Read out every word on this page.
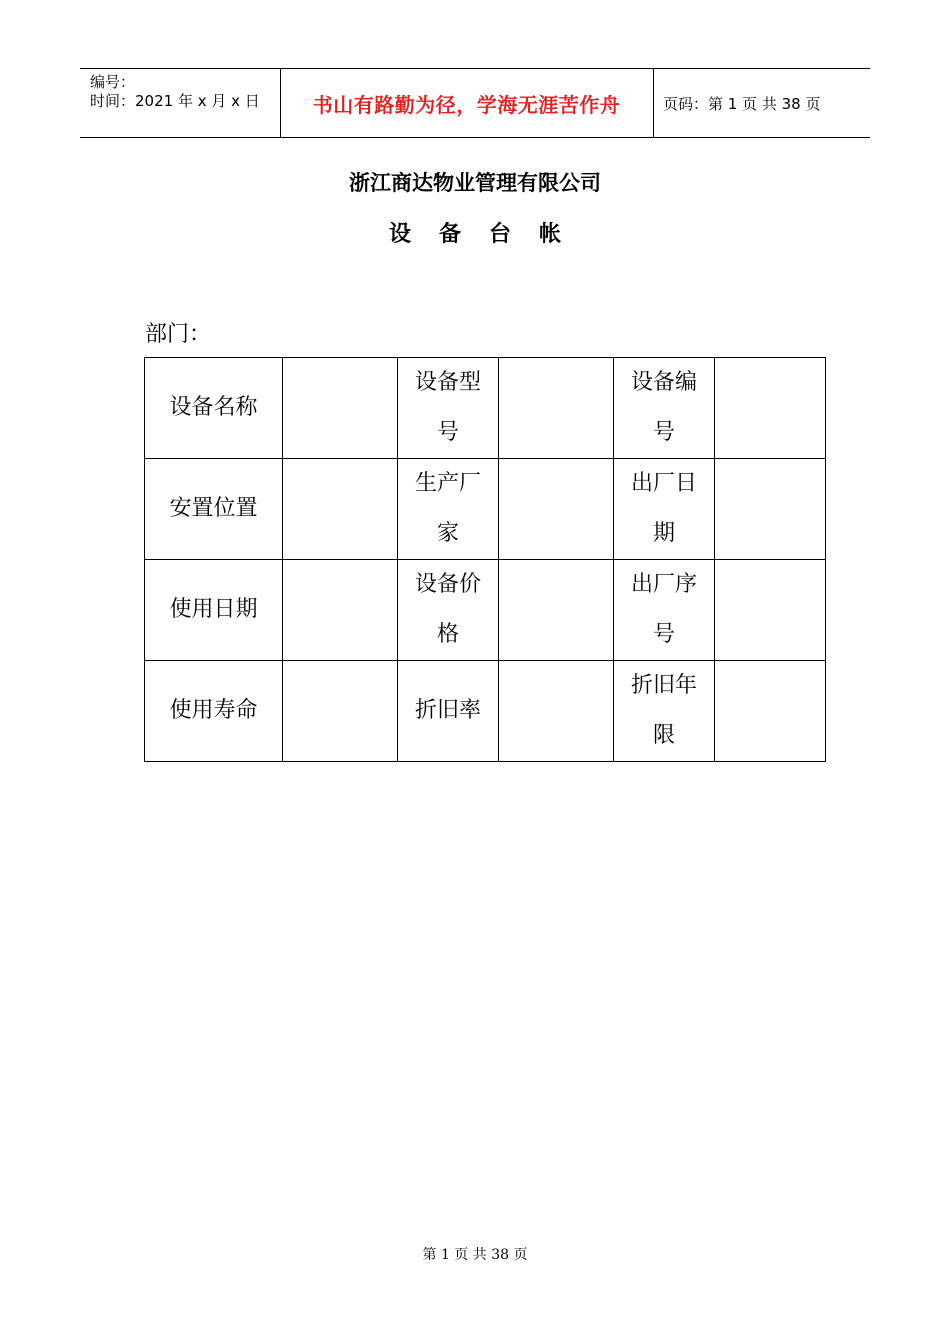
编号：
时间：2021 年 x 月 x 日	书山有路勤为径，学海无涯苦作舟	页码：第 1 页 共 38 页
浙江商达物业管理有限公司
设 备 台 帐
部门：
设备名称		设备型号		设备编号	
安置位置		生产厂家		出厂日期	
使用日期		设备价格		出厂序号	
使用寿命		折旧率		折旧年限	
第 1 页 共 38 页
